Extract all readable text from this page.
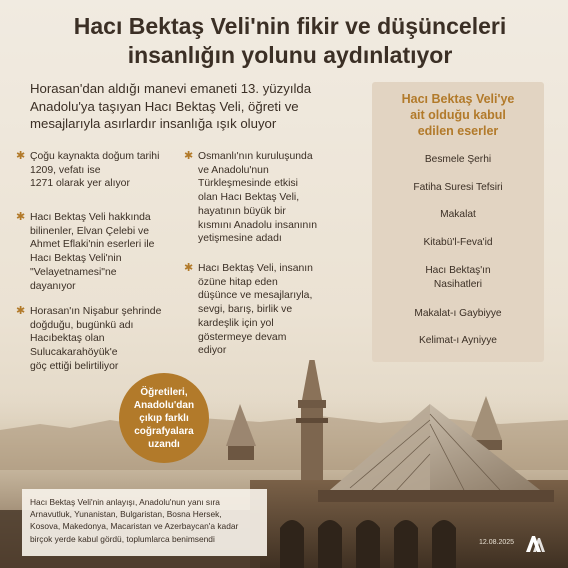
Hacı Bektaş Veli'nin fikir ve düşünceleri
insanlığın yolunu aydınlatıyor
Horasan'dan aldığı manevi emaneti 13. yüzyılda
Anadolu'ya taşıyan Hacı Bektaş Veli, öğreti ve
mesajlarıyla asırlardır insanlığa ışık oluyor
Hacı Bektaş Veli'ye
ait olduğu kabul
edilen eserler
Besmele Şerhi
Fatiha Suresi Tefsiri
Makalat
Kitabü'l-Feva'id
Hacı Bektaş'ın
Nasihatleri
Makalat-ı Gaybiyye
Kelimat-ı Ayniyye
✱ Çoğu kaynakta doğum tarihi
1209, vefatı ise
1271 olarak yer alıyor
✱ Hacı Bektaş Veli hakkında
bilinenler, Elvan Çelebi ve
Ahmet Eflaki'nin eserleri ile
Hacı Bektaş Veli'nin
"Velayetnamesi"ne
dayanıyor
✱ Horasan'ın Nişabur şehrinde
doğduğu, bugünkü adı
Hacıbektaş olan
Sulucakarahöyük'e
göç ettiği belirtiliyor
✱ Osmanlı'nın kuruluşunda
ve Anadolu'nun
Türkleşmesinde etkisi
olan Hacı Bektaş Veli,
hayatının büyük bir
kısmını Anadolu insanının
yetişmesine adadı
✱ Hacı Bektaş Veli, insanın
özüne hitap eden
düşünce ve mesajlarıyla,
sevgi, barış, birlik ve
kardeşlik için yol
göstermeye devam
ediyor
Öğretileri,
Anadolu'dan
çıkıp farklı
coğrafyalara
uzandı
Hacı Bektaş Veli'nin anlayışı, Anadolu'nun yanı sıra
Arnavutluk, Yunanistan, Bulgaristan, Bosna Hersek,
Kosova, Makedonya, Macaristan ve Azerbaycan'a kadar
birçok yerde kabul gördü, toplumlarca benimsendi	12.08.2025
